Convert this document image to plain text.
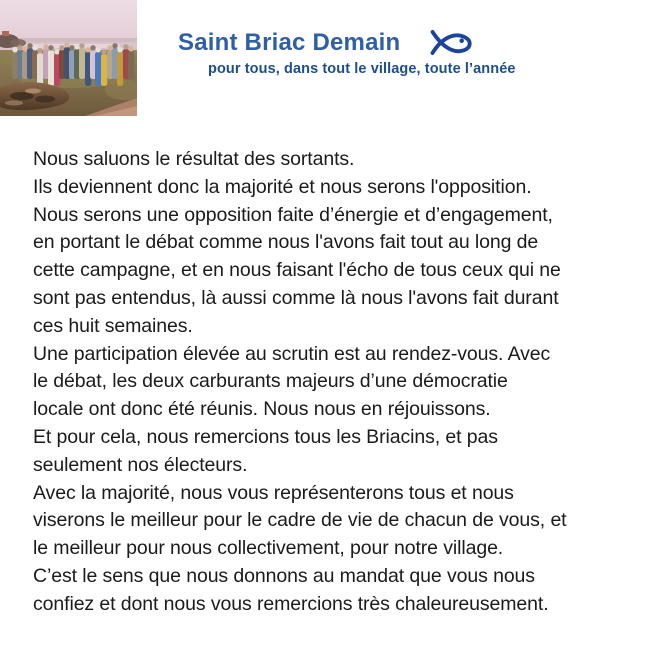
Saint Briac Demain
pour tous, dans tout le village, toute l’année
Nous saluons le résultat des sortants.
Ils deviennent donc la majorité et nous serons l'opposition.
Nous serons une opposition faite d’énergie et d’engagement,
en portant le débat comme nous l'avons fait tout au long de
cette campagne, et en nous faisant l'écho de tous ceux qui ne
sont pas entendus, là aussi comme là nous l'avons fait durant
ces huit semaines.
Une participation élevée au scrutin est au rendez-vous. Avec
le débat, les deux carburants majeurs d’une démocratie
locale ont donc été réunis. Nous nous en réjouissons.
Et pour cela, nous remercions tous les Briacins, et pas
seulement nos électeurs.
Avec la majorité, nous vous représenterons tous et nous
viserons le meilleur pour le cadre de vie de chacun de vous, et
le meilleur pour nous collectivement, pour notre village.
C’est le sens que nous donnons au mandat que vous nous
confiez et dont nous vous remercions très chaleureusement.
